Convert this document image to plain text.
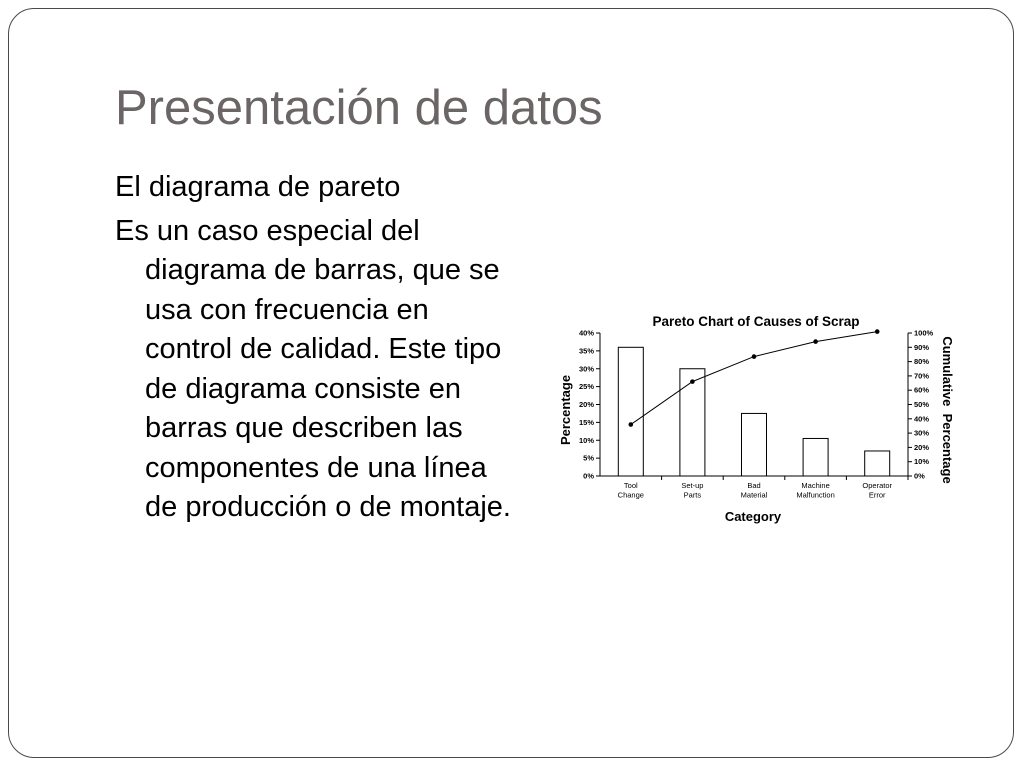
Presentación de datos

El diagrama de pareto

Es un caso especial del diagrama de barras, que se usa con frecuencia en control de calidad. Este tipo de diagrama consiste en barras que describen las componentes de una línea de producción o de montaje.

Pareto Chart of Causes of Scrap
Percentage	Cumulative  Percentage
Category
0%
5%
10%
15%
20%
25%
30%
35%
40%
0%
10%
20%
30%
40%
50%
60%
70%
80%
90%
100%
Tool
Change
Set-up
Parts
Bad
Material
Machine
Malfunction
Operator
Error
